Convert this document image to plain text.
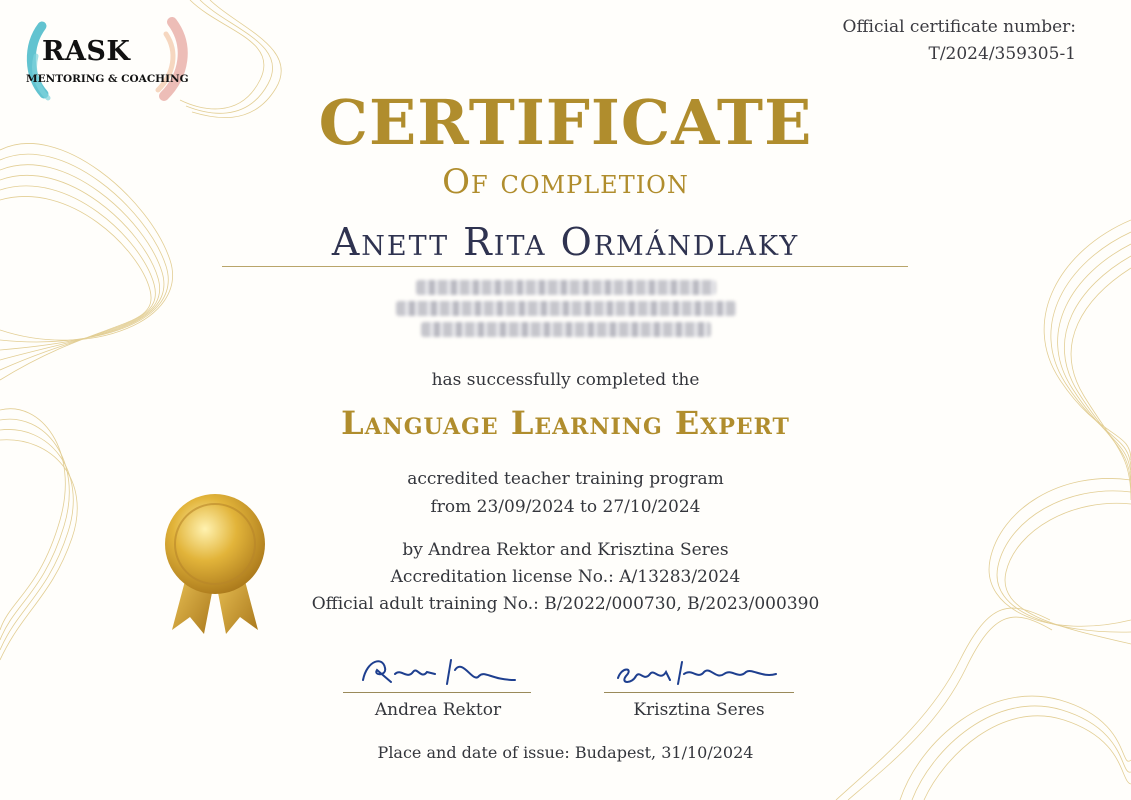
RASK
MENTORING & COACHING
Official certificate number:
T/2024/359305-1
CERTIFICATE
Of completion
Anett Rita Ormándlaky
has successfully completed the
Language Learning Expert
accredited teacher training program
from 23/09/2024 to 27/10/2024
by Andrea Rektor and Krisztina Seres
Accreditation license No.: A/13283/2024
Official adult training No.: B/2022/000730, B/2023/000390
Andrea Rektor	Krisztina Seres
Place and date of issue: Budapest, 31/10/2024
